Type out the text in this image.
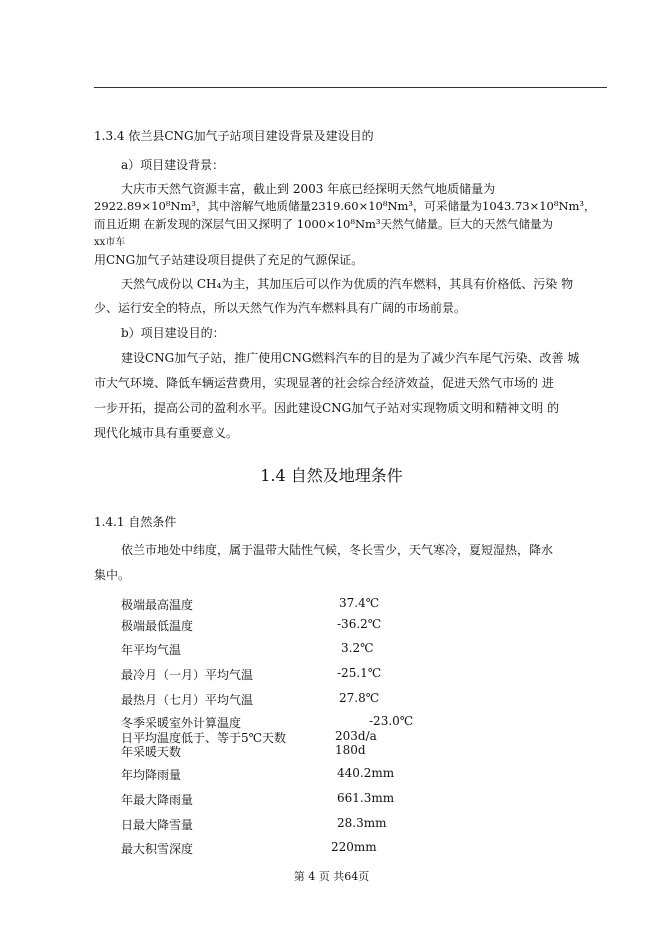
1.3.4 依兰县CNG加气子站项目建设背景及建设目的
a）项目建设背景：
大庆市天然气资源丰富，截止到 2003 年底已经探明天然气地质储量为
2922.89×10⁸Nm³，其中溶解气地质储量2319.60×10⁸Nm³，可采储量为1043.73×10⁸Nm³，
而且近期 在新发现的深层气田又探明了 1000×10⁸Nm³天然气储量。巨大的天然气储量为
xx市车
用CNG加气子站建设项目提供了充足的气源保证。
天然气成份以 CH₄为主，其加压后可以作为优质的汽车燃料，其具有价格低、污染 物
少、运行安全的特点，所以天然气作为汽车燃料具有广阔的市场前景。
b）项目建设目的：
建设CNG加气子站，推广使用CNG燃料汽车的目的是为了减少汽车尾气污染、改善 城
市大气环境、降低车辆运营费用，实现显著的社会综合经济效益，促进天然气市场的 进
一步开拓，提高公司的盈利水平。因此建设CNG加气子站对实现物质文明和精神文明 的
现代化城市具有重要意义。
1.4 自然及地理条件
1.4.1 自然条件
依兰市地处中纬度，属于温带大陆性气候，冬长雪少，天气寒冷，夏短湿热，降水
集中。
极端最高温度	37.4℃
极端最低温度	-36.2℃
年平均气温	3.2℃
最冷月（一月）平均气温	-25.1℃
最热月（七月）平均气温	27.8℃
冬季采暖室外计算温度	-23.0℃
日平均温度低于、等于5℃天数	203d/a
年采暖天数	180d
年均降雨量	440.2mm
年最大降雨量	661.3mm
日最大降雪量	28.3mm
最大积雪深度	220mm
第 4 页 共64页
